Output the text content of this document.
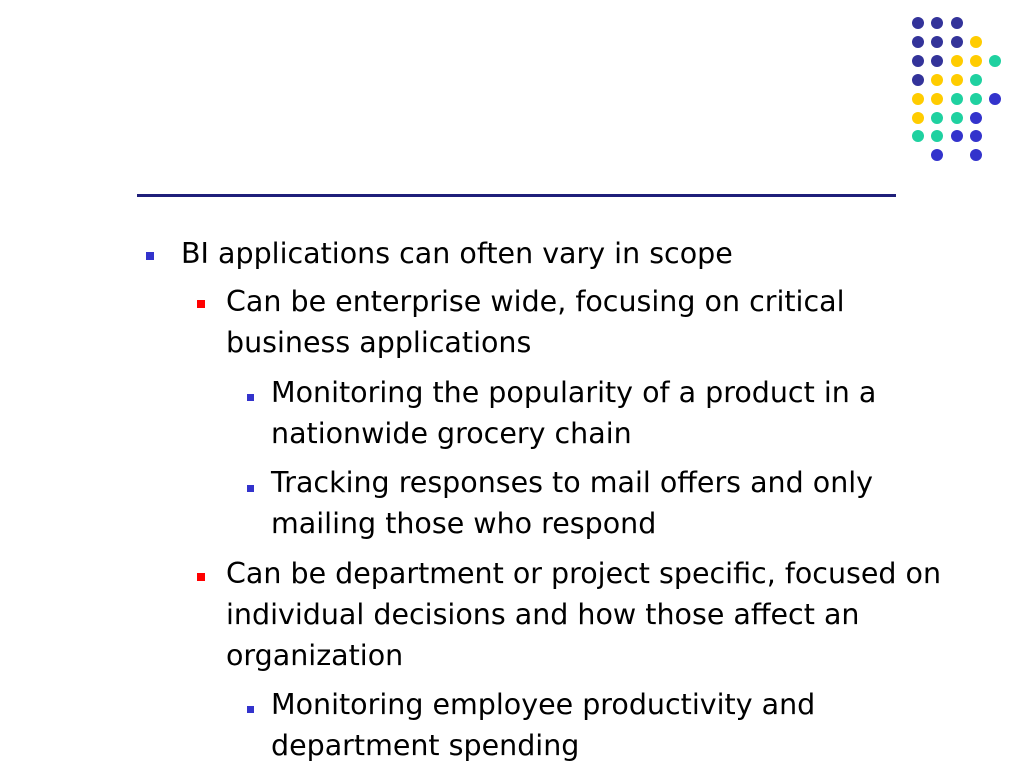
BI applications can often vary in scope
Can be enterprise wide, focusing on critical
business applications
Monitoring the popularity of a product in a
nationwide grocery chain
Tracking responses to mail offers and only
mailing those who respond
Can be department or project specific, focused on
individual decisions and how those affect an
organization
Monitoring employee productivity and
department spending
